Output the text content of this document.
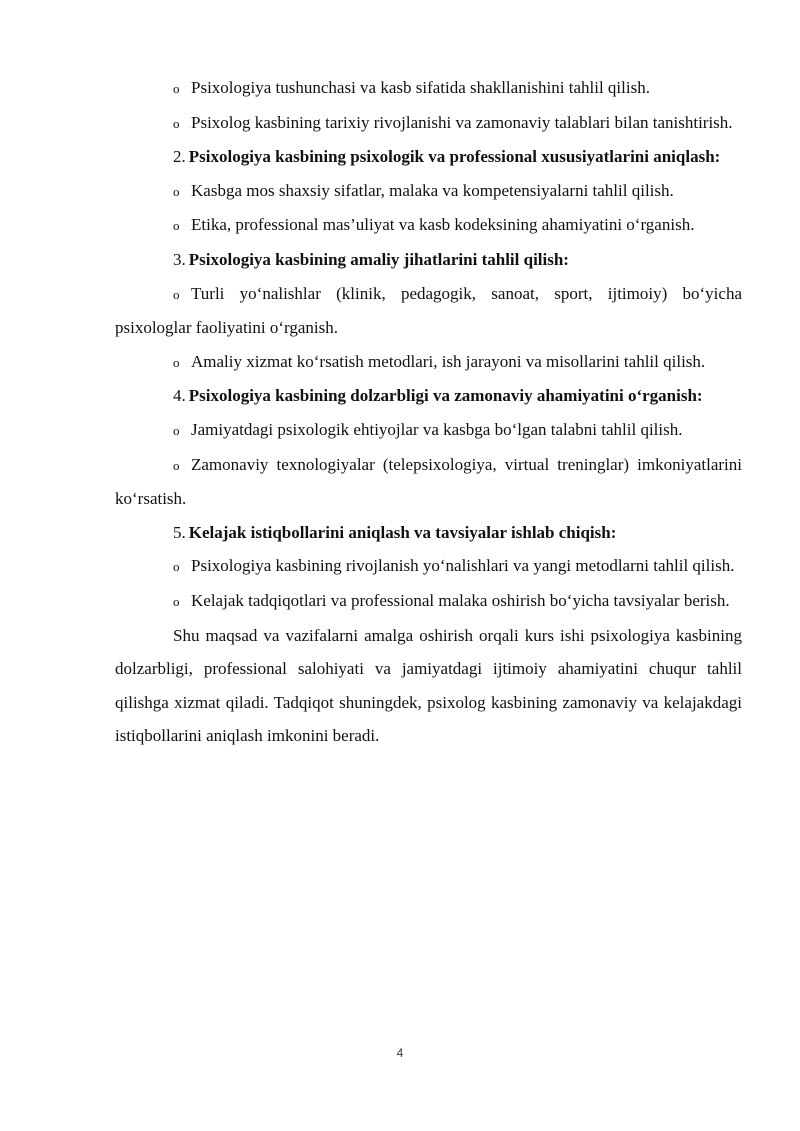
o Psixologiya tushunchasi va kasb sifatida shakllanishini tahlil qilish.

o Psixolog kasbining tarixiy rivojlanishi va zamonaviy talablari bilan tanishtirish.

2. Psixologiya kasbining psixologik va professional xususiyatlarini aniqlash:

o Kasbga mos shaxsiy sifatlar, malaka va kompetensiyalarni tahlil qilish.

o Etika, professional mas’uliyat va kasb kodeksining ahamiyatini o‘rganish.

3. Psixologiya kasbining amaliy jihatlarini tahlil qilish:

o Turli yo‘nalishlar (klinik, pedagogik, sanoat, sport, ijtimoiy) bo‘yicha psixologlar faoliyatini o‘rganish.

o Amaliy xizmat ko‘rsatish metodlari, ish jarayoni va misollarini tahlil qilish.

4. Psixologiya kasbining dolzarbligi va zamonaviy ahamiyatini o‘rganish:

o Jamiyatdagi psixologik ehtiyojlar va kasbga bo‘lgan talabni tahlil qilish.

o Zamonaviy texnologiyalar (telepsixologiya, virtual treninglar) imkoniyatlarini ko‘rsatish.

5. Kelajak istiqbollarini aniqlash va tavsiyalar ishlab chiqish:

o Psixologiya kasbining rivojlanish yo‘nalishlari va yangi metodlarni tahlil qilish.

o Kelajak tadqiqotlari va professional malaka oshirish bo‘yicha tavsiyalar berish.

Shu maqsad va vazifalarni amalga oshirish orqali kurs ishi psixologiya kasbining dolzarbligi, professional salohiyati va jamiyatdagi ijtimoiy ahamiyatini chuqur tahlil qilishga xizmat qiladi. Tadqiqot shuningdek, psixolog kasbining zamonaviy va kelajakdagi istiqbollarini aniqlash imkonini beradi.

4
